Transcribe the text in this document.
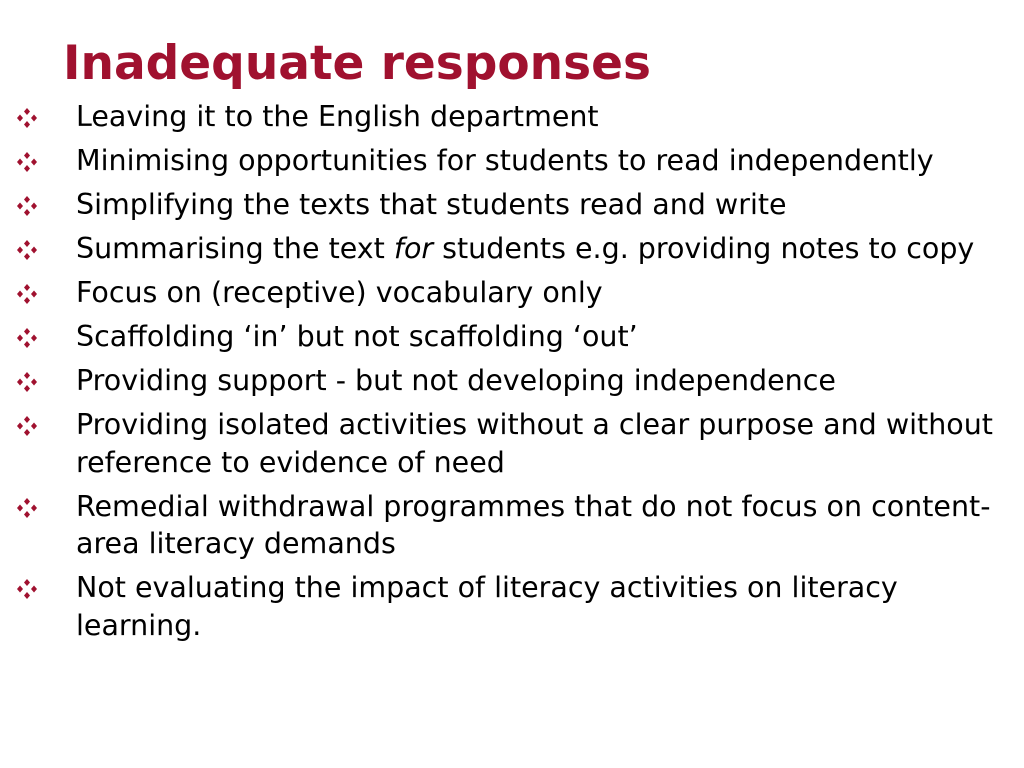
Inadequate responses
Leaving it to the English department
Minimising opportunities for students to read independently
Simplifying the texts that students read and write
Summarising the text for students e.g. providing notes to copy
Focus on (receptive) vocabulary only
Scaffolding ‘in’ but not scaffolding ‘out’
Providing support - but not developing independence
Providing isolated activities without a clear purpose and without reference to evidence of need
Remedial withdrawal programmes that do not focus on content-area literacy demands
Not evaluating the impact of literacy activities on literacy learning.
